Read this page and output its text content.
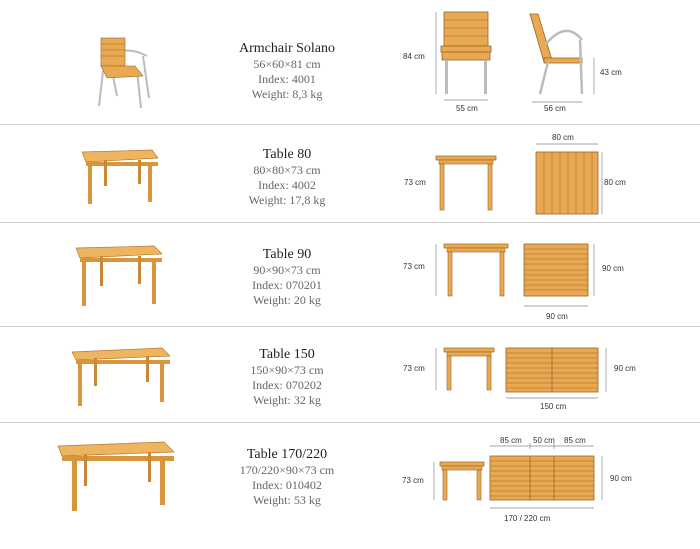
Armchair Solano
56×60×81 cm
Index: 4001
Weight: 8,3 kg
84 cm
55 cm
43 cm
56 cm
Table 80
80×80×73 cm
Index: 4002
Weight: 17,8 kg
73 cm
80 cm
80 cm
Table 90
90×90×73 cm
Index: 070201
Weight: 20 kg
73 cm	90 cm
90 cm
Table 150
150×90×73 cm
Index: 070202
Weight: 32 kg
73 cm	90 cm
150 cm
Table 170/220
170/220×90×73 cm
Index: 010402
Weight: 53 kg
73 cm
85 cm 50 cm 85 cm
90 cm
170 / 220 cm
